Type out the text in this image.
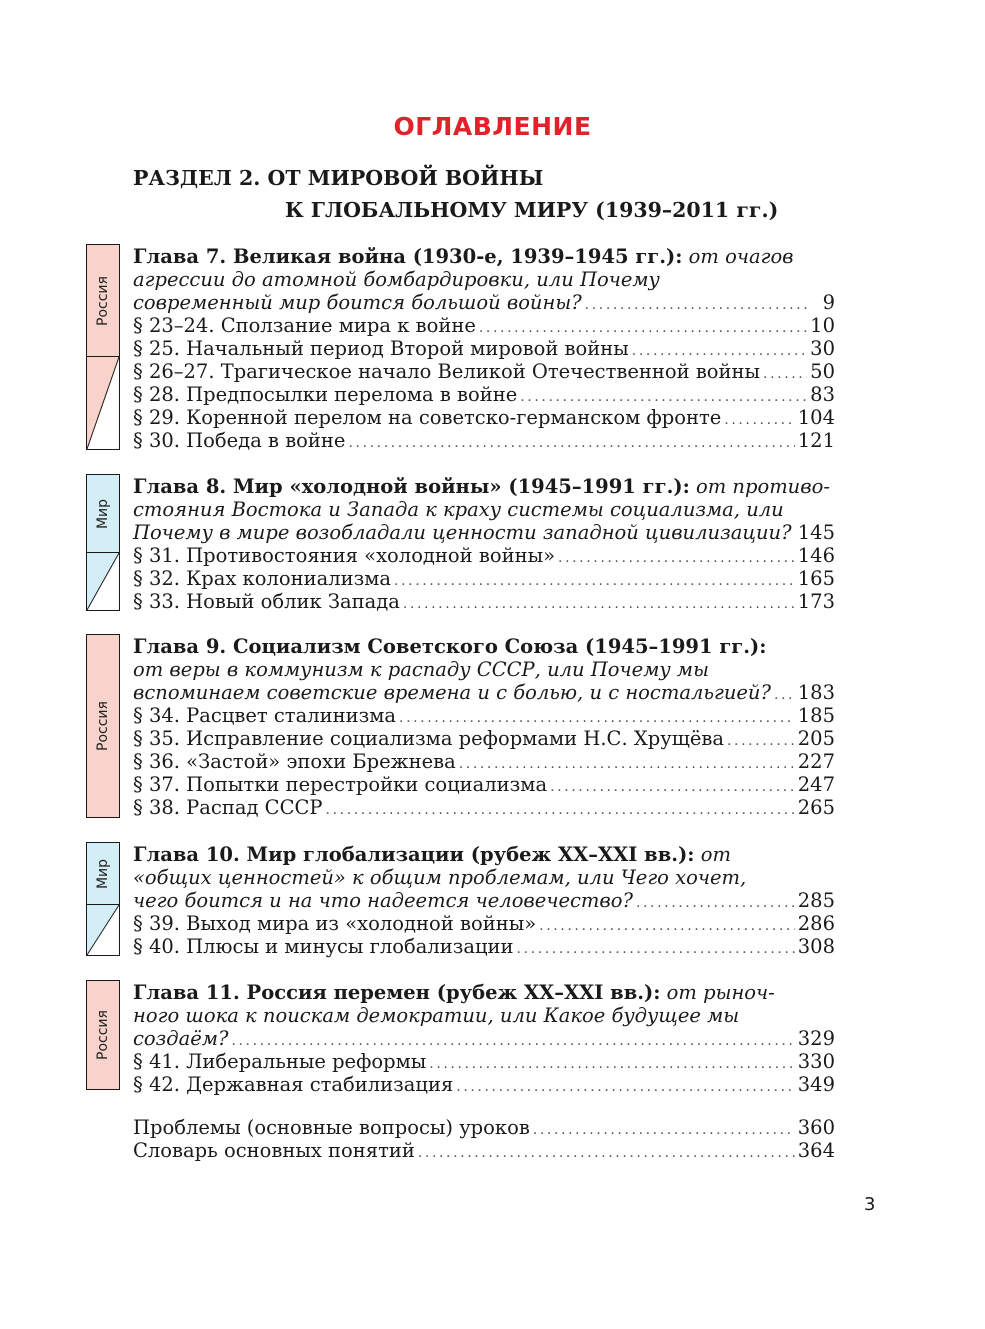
ОГЛАВЛЕНИЕ
РАЗДЕЛ 2. ОТ МИРОВОЙ ВОЙНЫ
К ГЛОБАЛЬНОМУ МИРУ (1939–2011 гг.)
Россия
Глава 7. Великая война (1930-е, 1939–1945 гг.): от очагов
агрессии до атомной бомбардировки, или Почему
современный мир боится большой войны? .....	9
§ 23–24. Сползание мира к войне .....	10
§ 25. Начальный период Второй мировой войны .....	30
§ 26–27. Трагическое начало Великой Отечественной войны .....	50
§ 28. Предпосылки перелома в войне .....	83
§ 29. Коренной перелом на советско-германском фронте .....	104
§ 30. Победа в войне .....	121
Мир
Глава 8. Мир «холодной войны» (1945–1991 гг.): от противо-
стояния Востока и Запада к краху системы социализма, или
Почему в мире возобладали ценности западной цивилизации? 145
§ 31. Противостояния «холодной войны» .....	146
§ 32. Крах колониализма .....	165
§ 33. Новый облик Запада .....	173
Россия
Глава 9. Социализм Советского Союза (1945–1991 гг.):
от веры в коммунизм к распаду СССР, или Почему мы
вспоминаем советские времена и с болью, и с ностальгией? ..... 183
§ 34. Расцвет сталинизма .....	185
§ 35. Исправление социализма реформами Н.С. Хрущёва .....	205
§ 36. «Застой» эпохи Брежнева .....	227
§ 37. Попытки перестройки социализма .....	247
§ 38. Распад СССР .....	265
Мир
Глава 10. Мир глобализации (рубеж XX–XXI вв.): от
«общих ценностей» к общим проблемам, или Чего хочет,
чего боится и на что надеется человечество? .....	285
§ 39. Выход мира из «холодной войны» .....	286
§ 40. Плюсы и минусы глобализации .....	308
Россия
Глава 11. Россия перемен (рубеж XX–XXI вв.): от рыноч-
ного шока к поискам демократии, или Какое будущее мы
создаём? .....	329
§ 41. Либеральные реформы .....	330
§ 42. Державная стабилизация .....	349
Проблемы (основные вопросы) уроков .....	360
Словарь основных понятий .....	364
3
